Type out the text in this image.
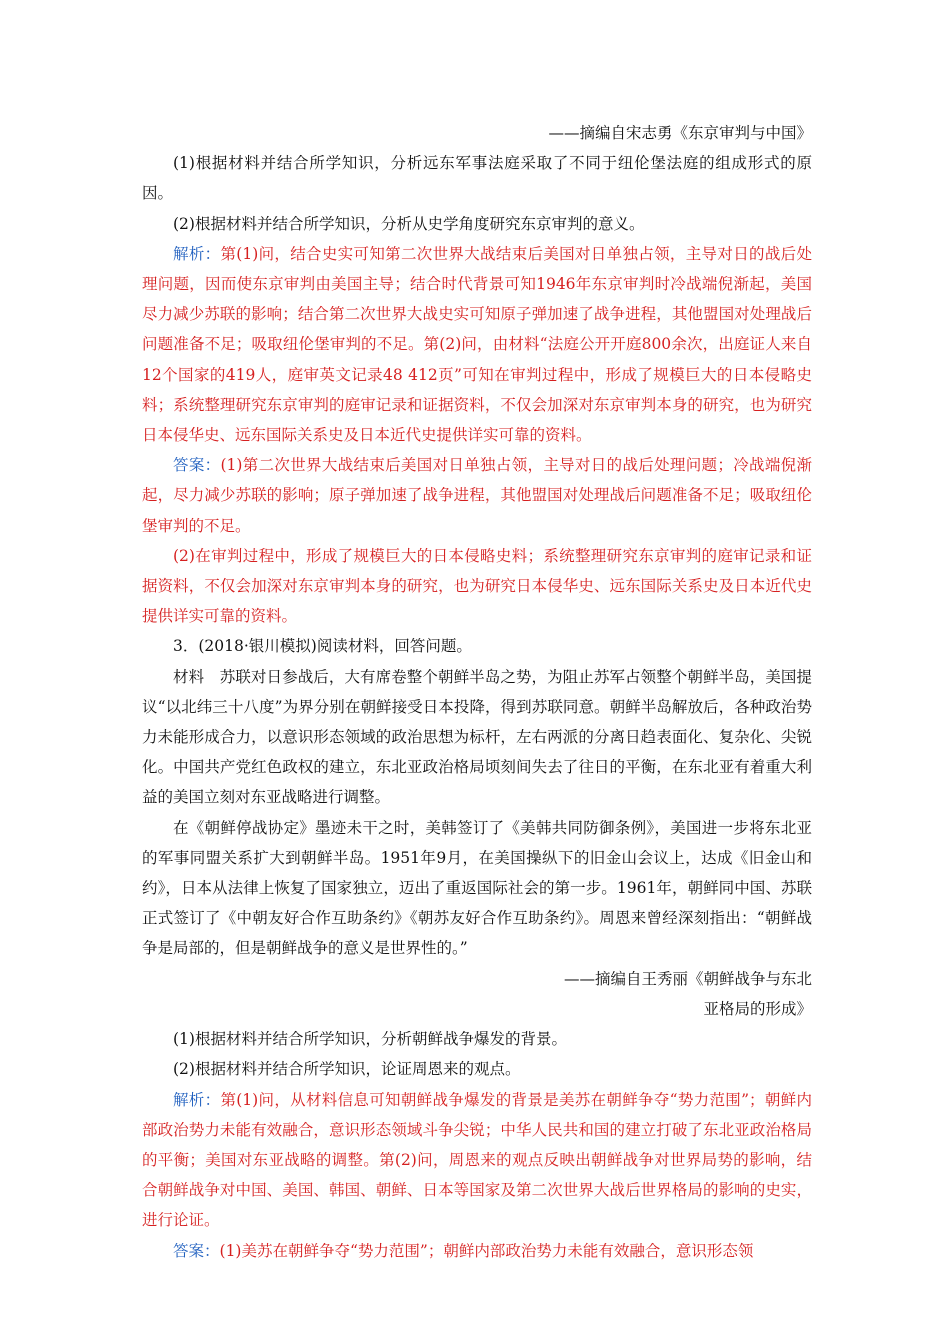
——摘编自宋志勇《东京审判与中国》

(1)根据材料并结合所学知识，分析远东军事法庭采取了不同于纽伦堡法庭的组成形式的原因。

(2)根据材料并结合所学知识，分析从史学角度研究东京审判的意义。

解析：第(1)问，结合史实可知第二次世界大战结束后美国对日单独占领，主导对日的战后处理问题，因而使东京审判由美国主导；结合时代背景可知1946年东京审判时冷战端倪渐起，美国尽力减少苏联的影响；结合第二次世界大战史实可知原子弹加速了战争进程，其他盟国对处理战后问题准备不足；吸取纽伦堡审判的不足。第(2)问，由材料“法庭公开开庭800余次，出庭证人来自12个国家的419人，庭审英文记录48 412页”可知在审判过程中，形成了规模巨大的日本侵略史料；系统整理研究东京审判的庭审记录和证据资料，不仅会加深对东京审判本身的研究，也为研究日本侵华史、远东国际关系史及日本近代史提供详实可靠的资料。

答案：(1)第二次世界大战结束后美国对日单独占领，主导对日的战后处理问题；冷战端倪渐起，尽力减少苏联的影响；原子弹加速了战争进程，其他盟国对处理战后问题准备不足；吸取纽伦堡审判的不足。

(2)在审判过程中，形成了规模巨大的日本侵略史料；系统整理研究东京审判的庭审记录和证据资料，不仅会加深对东京审判本身的研究，也为研究日本侵华史、远东国际关系史及日本近代史提供详实可靠的资料。

3．(2018·银川模拟)阅读材料，回答问题。

材料　苏联对日参战后，大有席卷整个朝鲜半岛之势，为阻止苏军占领整个朝鲜半岛，美国提议“以北纬三十八度”为界分别在朝鲜接受日本投降，得到苏联同意。朝鲜半岛解放后，各种政治势力未能形成合力，以意识形态领域的政治思想为标杆，左右两派的分离日趋表面化、复杂化、尖锐化。中国共产党红色政权的建立，东北亚政治格局顷刻间失去了往日的平衡，在东北亚有着重大利益的美国立刻对东亚战略进行调整。

在《朝鲜停战协定》墨迹未干之时，美韩签订了《美韩共同防御条例》，美国进一步将东北亚的军事同盟关系扩大到朝鲜半岛。1951年9月，在美国操纵下的旧金山会议上，达成《旧金山和约》，日本从法律上恢复了国家独立，迈出了重返国际社会的第一步。1961年，朝鲜同中国、苏联正式签订了《中朝友好合作互助条约》《朝苏友好合作互助条约》。周恩来曾经深刻指出：“朝鲜战争是局部的，但是朝鲜战争的意义是世界性的。”

——摘编自王秀丽《朝鲜战争与东北
亚格局的形成》

(1)根据材料并结合所学知识，分析朝鲜战争爆发的背景。

(2)根据材料并结合所学知识，论证周恩来的观点。

解析：第(1)问，从材料信息可知朝鲜战争爆发的背景是美苏在朝鲜争夺“势力范围”；朝鲜内部政治势力未能有效融合，意识形态领域斗争尖锐；中华人民共和国的建立打破了东北亚政治格局的平衡；美国对东亚战略的调整。第(2)问，周恩来的观点反映出朝鲜战争对世界局势的影响，结合朝鲜战争对中国、美国、韩国、朝鲜、日本等国家及第二次世界大战后世界格局的影响的史实，进行论证。

答案：(1)美苏在朝鲜争夺“势力范围”；朝鲜内部政治势力未能有效融合，意识形态领
